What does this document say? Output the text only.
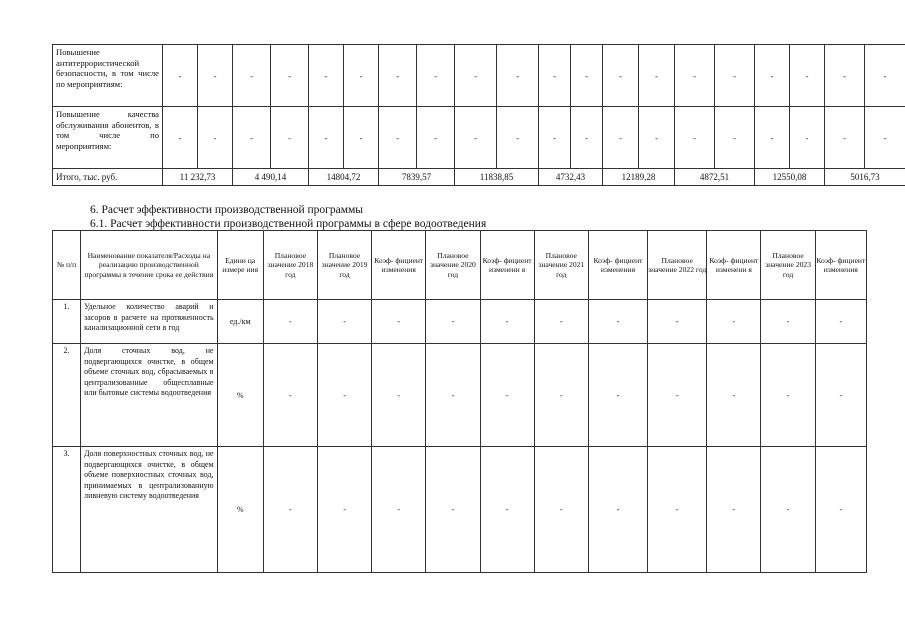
Повышение антитеррористической безопасности, в том числе по мероприятиям:	-	-	-	-	-	-	-	-	-	-	-	-	-	-	-	-	-	-	-	-
Повышение качества обслуживания абонентов, в том числе по мероприятиям:	-	-	-	-	-	-	-	-	-	-	-	-	-	-	-	-	-	-	-	-
Итого, тыс. руб.	11 232,73		4 490,14		14804,72		7839,57		11838,85		4732,43		12189,28		4872,51		12550,08		5016,73	
6. Расчет эффективности производственной программы
6.1. Расчет эффективности производственной программы в сфере водоотведения
№ п/п	Наименование показателя/Расходы на реализацию производственной программы в течение срока ее действия	Едини ца измере ния	Плановое значение 2018 год	Плановое значение 2019 год	Коэф- фициент изменения	Плановое значение 2020 год	Коэф- фициент изменени я	Плановое значение 2021 год	Коэф- фициент изменения	Плановое значение 2022 год	Коэф- фициент изменени я	Плановое значение 2023 год	Коэф- фициент изменения
1.	Удельное количество аварий и засоров в расчете на протяженность канализационной сети в год	ед./км	-	-	-	-	-	-	-	-	-	-	-
2.	Доля сточных вод, не подвергающихся очистке, в общем объеме сточных вод, сбрасываемых в централизованные общесплавные или бытовые системы водоотведения	%	-	-	-	-	-	-	-	-	-	-	-
3.	Доля поверхностных сточных вод, не подвергающихся очистке, в общем объеме поверхностных сточных вод, принимаемых в централизованную ливневую систему водоотведения	%	-	-	-	-	-	-	-	-	-	-	-
